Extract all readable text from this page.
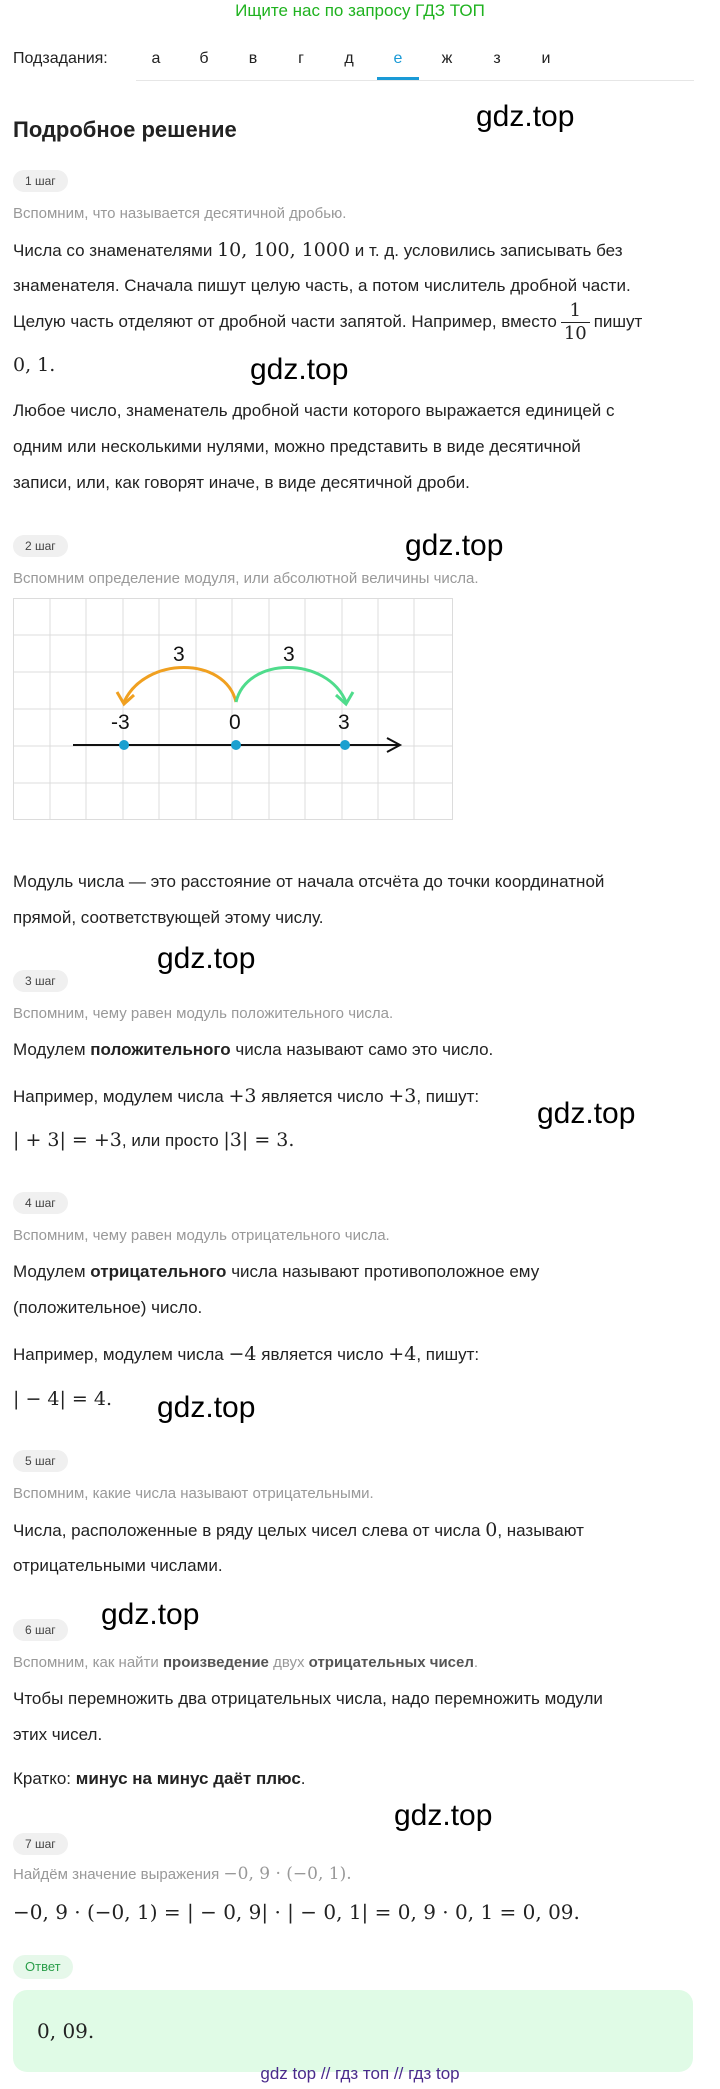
Ищите нас по запросу ГДЗ ТОП
Подзадания:	а	б	в	г	д	е	ж	з	и
Подробное решение	gdz.top
gdz.top
gdz.top
gdz.top
gdz.top
gdz.top
gdz.top
gdz.top
1 шаг
Вспомним, что называется десятичной дробью.
Числа со знаменателями 10, 100, 1000 и т. д. условились записывать без
знаменателя. Сначала пишут целую часть, а потом числитель дробной части.
Целую часть отделяют от дробной части запятой. Например, вместо $\frac{1}{10}$ пишут
0, 1.
Любое число, знаменатель дробной части которого выражается единицей с
одним или несколькими нулями, можно представить в виде десятичной
записи, или, как говорят иначе, в виде десятичной дроби.
2 шаг
Вспомним определение модуля, или абсолютной величины числа.
-3	0	3
3	3
Модуль числа — это расстояние от начала отсчёта до точки координатной
прямой, соответствующей этому числу.
3 шаг
Вспомним, чему равен модуль положительного числа.
Модулем положительного числа называют само это число.
Например, модулем числа +3 является число +3, пишут:
| + 3| = +3, или просто |3| = 3.
4 шаг
Вспомним, чему равен модуль отрицательного числа.
Модулем отрицательного числа называют противоположное ему
(положительное) число.
Например, модулем числа −4 является число +4, пишут:
| − 4| = 4.
5 шаг
Вспомним, какие числа называют отрицательными.
Числа, расположенные в ряду целых чисел слева от числа 0, называют
отрицательными числами.
6 шаг
Вспомним, как найти произведение двух отрицательных чисел.
Чтобы перемножить два отрицательных числа, надо перемножить модули
этих чисел.
Кратко: минус на минус даёт плюс.
7 шаг
Найдём значение выражения −0, 9 · (−0, 1).
−0, 9 · (−0, 1) = | − 0, 9| · | − 0, 1| = 0, 9 · 0, 1 = 0, 09.
Ответ
0, 09.
gdz top // гдз топ // гдз top
